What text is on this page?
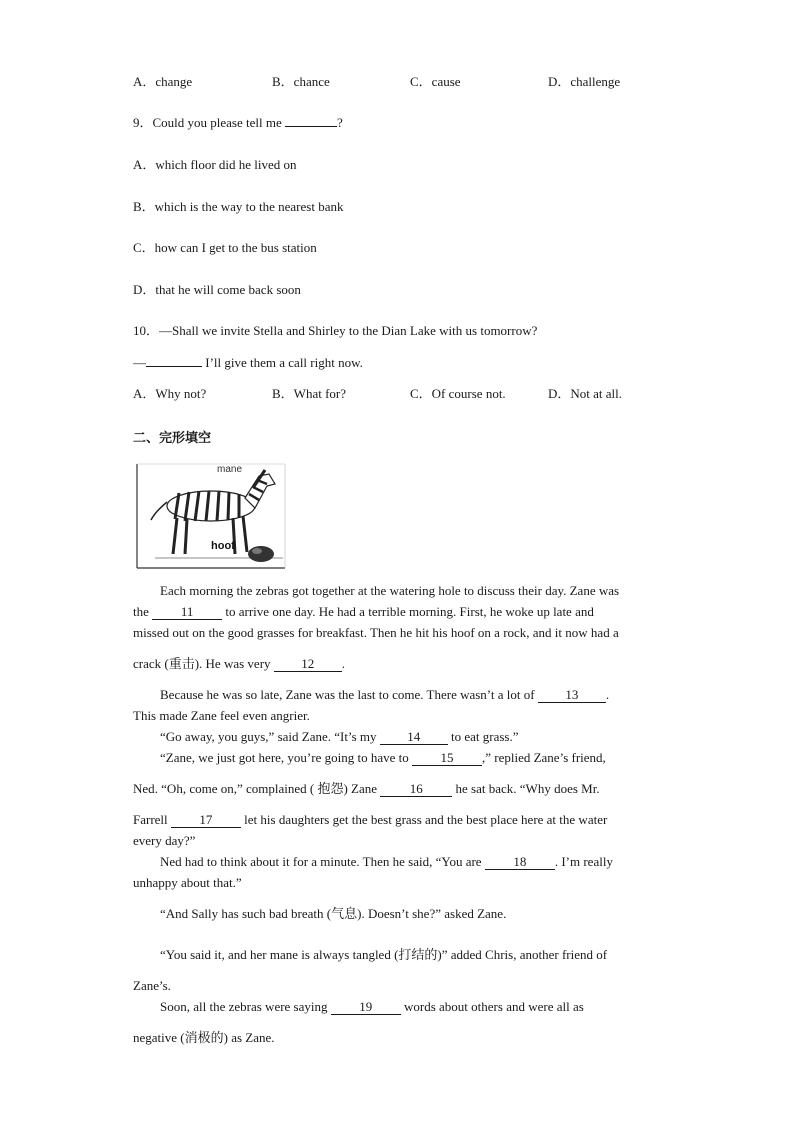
A．change	B．chance	C．cause	D．challenge
9．Could you please tell me	?
A．which floor did he lived on
B．which is the way to the nearest bank
C．how can I get to the bus station
D．that he will come back soon
10．—Shall we invite Stella and Shirley to the Dian Lake with us tomorrow?
—	I’ll give them a call right now.
A．Why not?	B．What for?	C．Of course not.	D．Not at all.
二、完形填空
mane
hoof
Each morning the zebras got together at the watering hole to discuss their day. Zane was
the 11 to arrive one day. He had a terrible morning. First, he woke up late and
missed out on the good grasses for breakfast. Then he hit his hoof on a rock, and it now had a
crack (重击). He was very 12 .
Because he was so late, Zane was the last to come. There wasn’t a lot of 13 .
This made Zane feel even angrier.
“Go away, you guys,” said Zane. “It’s my 14 to eat grass.”
“Zane, we just got here, you’re going to have to 15 ,” replied Zane’s friend,
Ned. “Oh, come on,” complained ( 抱怨) Zane 16 he sat back. “Why does Mr.
Farrell 17 let his daughters get the best grass and the best place here at the water
every day?”
Ned had to think about it for a minute. Then he said, “You are 18 . I’m really
unhappy about that.”
“And Sally has such bad breath (气息). Doesn’t she?” asked Zane.
“You said it, and her mane is always tangled (打结的)” added Chris, another friend of
Zane’s.
Soon, all the zebras were saying 19 words about others and were all as
negative (消极的) as Zane.
